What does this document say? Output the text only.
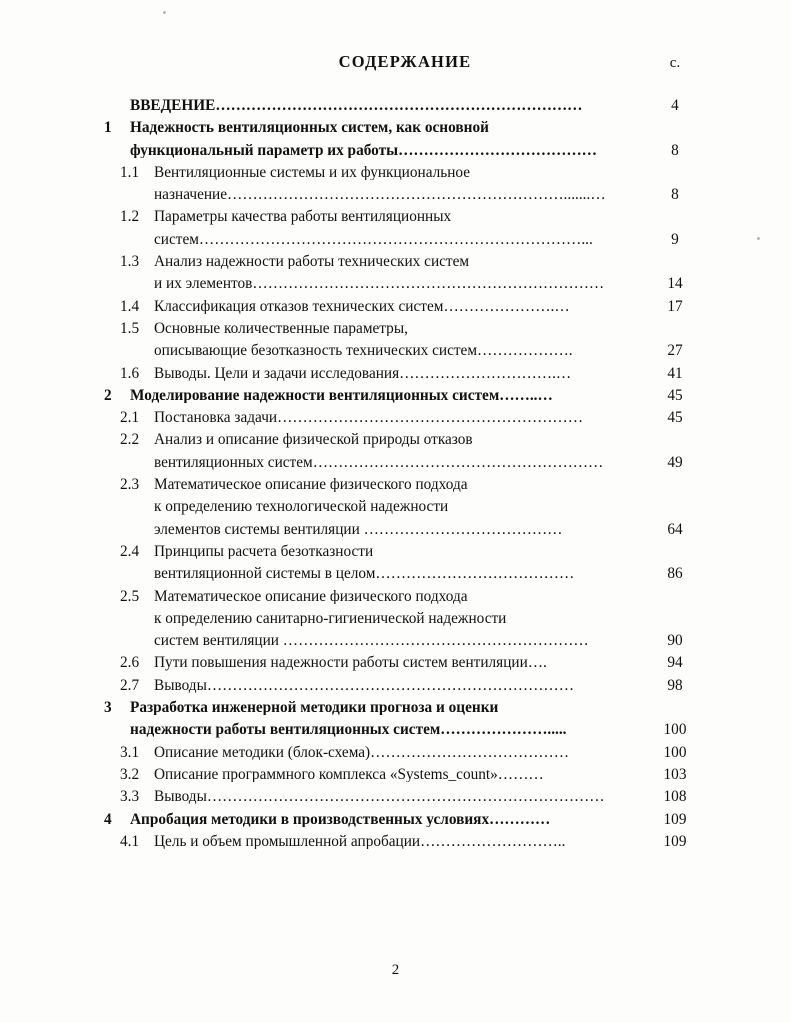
СОДЕРЖАНИЕ	с.
ВВЕДЕНИЕ………………………………………………………………	4
1 Надежность вентиляционных систем, как основной
функциональный параметр их работы…………………………………	8
1.1 Вентиляционные системы и их функциональное
назначение………………………………………………………….......…	8
1.2 Параметры качества работы вентиляционных
систем…………………………………………………………………...	9
1.3 Анализ надежности работы технических систем
и их элементов……………………………………………………………	14
1.4 Классификация отказов технических систем………………….…	17
1.5 Основные количественные параметры,
описывающие безотказность технических систем……………….	27
1.6 Выводы. Цели и задачи исследования………………………….…	41
2 Моделирование надежности вентиляционных систем……..…	45
2.1 Постановка задачи……………………………………………………	45
2.2 Анализ и описание физической природы отказов
вентиляционных систем…………………………………………………	49
2.3 Математическое описание физического подхода
к определению технологической надежности
элементов системы вентиляции …………………………………	64
2.4 Принципы расчета безотказности
вентиляционной системы в целом…………………………………	86
2.5 Математическое описание физического подхода
к определению санитарно-гигиенической надежности
систем вентиляции ……………………………………………………	90
2.6 Пути повышения надежности работы систем вентиляции….	94
2.7 Выводы………………………………………………………………	98
3 Разработка инженерной методики прогноза и оценки
надежности работы вентиляционных систем………………….....	100
3.1 Описание методики (блок-схема)…………………………………	100
3.2 Описание программного комплекса «Systems_count»………	103
3.3 Выводы……………………………………………………………………	108
4 Апробация методики в производственных условиях…………	109
4.1 Цель и объем промышленной апробации………………………..	109
2
